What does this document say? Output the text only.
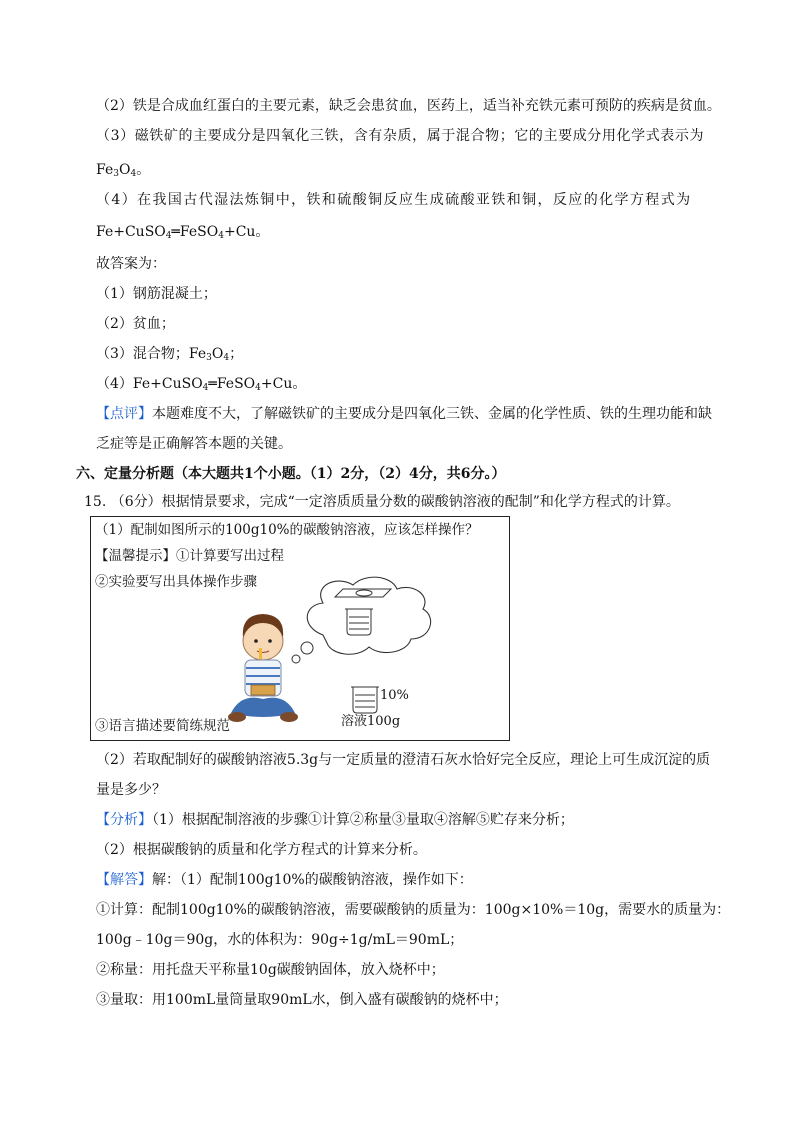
（2）铁是合成血红蛋白的主要元素，缺乏会患贫血，医药上，适当补充铁元素可预防的疾病是贫血。
（3）磁铁矿的主要成分是四氧化三铁，含有杂质，属于混合物；它的主要成分用化学式表示为
$Fe_3O_4$。
（4）在我国古代湿法炼铜中，铁和硫酸铜反应生成硫酸亚铁和铜，反应的化学方程式为
Fe+CuSO$_4$═FeSO$_4$+Cu。
故答案为：
（1）钢筋混凝土；
（2）贫血；
（3）混合物；$Fe_3O_4$；
（4）Fe+CuSO$_4$═FeSO$_4$+Cu。
【点评】本题难度不大，了解磁铁矿的主要成分是四氧化三铁、金属的化学性质、铁的生理功能和缺
乏症等是正确解答本题的关键。
六、定量分析题（本大题共1个小题。（1）2分，（2）4分，共6分。）
15. （6分）根据情景要求，完成“一定溶质质量分数的碳酸钠溶液的配制”和化学方程式的计算。
（1）配制如图所示的100g10%的碳酸钠溶液，应该怎样操作？
【温馨提示】①计算要写出过程
②实验要写出具体操作步骤
③语言描述要简练规范
10%
溶液100g
（2）若取配制好的碳酸钠溶液5.3g与一定质量的澄清石灰水恰好完全反应，理论上可生成沉淀的质
量是多少？
【分析】（1）根据配制溶液的步骤①计算②称量③量取④溶解⑤贮存来分析；
（2）根据碳酸钠的质量和化学方程式的计算来分析。
【解答】解：（1）配制100g10%的碳酸钠溶液，操作如下：
①计算：配制100g10%的碳酸钠溶液，需要碳酸钠的质量为：100g×10%＝10g，需要水的质量为：
100g﹣10g＝90g，水的体积为：90g÷1g/mL＝90mL；
②称量：用托盘天平称量10g碳酸钠固体，放入烧杯中；
③量取：用100mL量筒量取90mL水，倒入盛有碳酸钠的烧杯中；
